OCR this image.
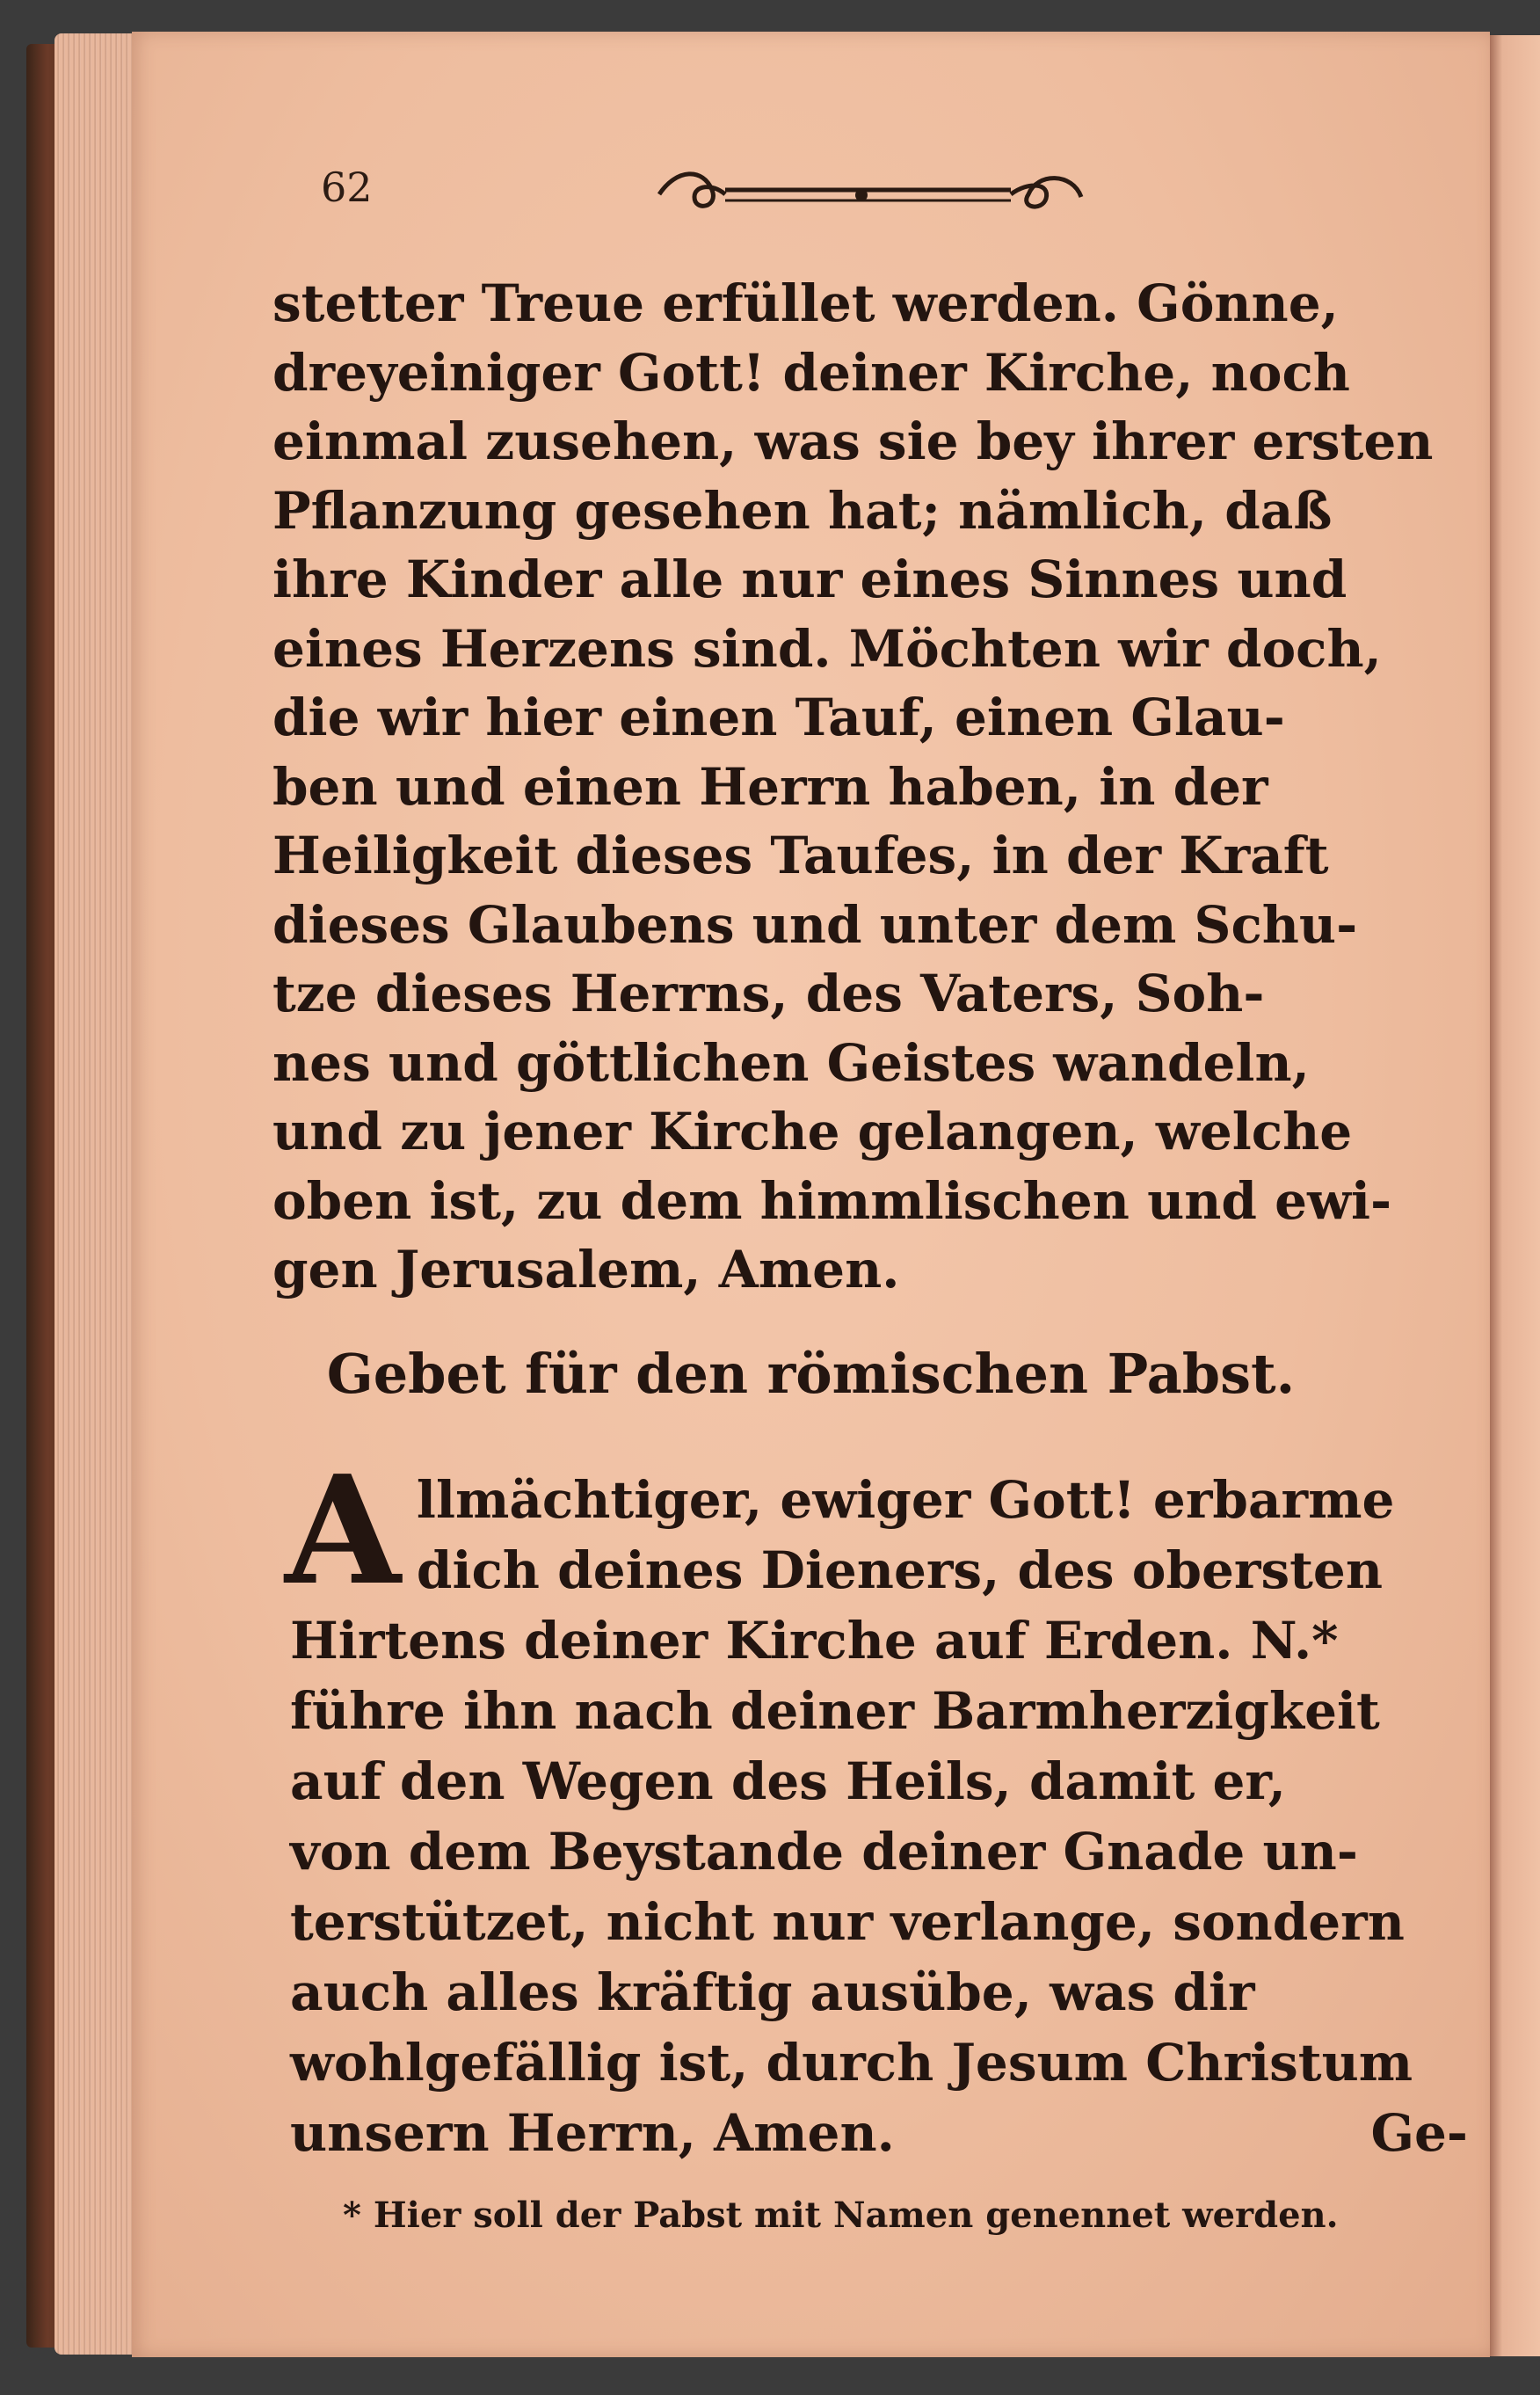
62
stetter Treue erfüllet werden. Gönne,
dreyeiniger Gott! deiner Kirche, noch
einmal zusehen, was sie bey ihrer ersten
Pflanzung gesehen hat; nämlich, daß
ihre Kinder alle nur eines Sinnes und
eines Herzens sind. Möchten wir doch,
die wir hier einen Tauf, einen Glau-
ben und einen Herrn haben, in der
Heiligkeit dieses Taufes, in der Kraft
dieses Glaubens und unter dem Schu-
tze dieses Herrns, des Vaters, Soh-
nes und göttlichen Geistes wandeln,
und zu jener Kirche gelangen, welche
oben ist, zu dem himmlischen und ewi-
gen Jerusalem, Amen.
Gebet für den römischen Pabst.
A llmächtiger, ewiger Gott! erbarme
dich deines Dieners, des obersten
Hirtens deiner Kirche auf Erden. N.*
führe ihn nach deiner Barmherzigkeit
auf den Wegen des Heils, damit er,
von dem Beystande deiner Gnade un-
terstützet, nicht nur verlange, sondern
auch alles kräftig ausübe, was dir
wohlgefällig ist, durch Jesum Christum
unsern Herrn, Amen.	Ge-
* Hier soll der Pabst mit Namen genennet werden.
